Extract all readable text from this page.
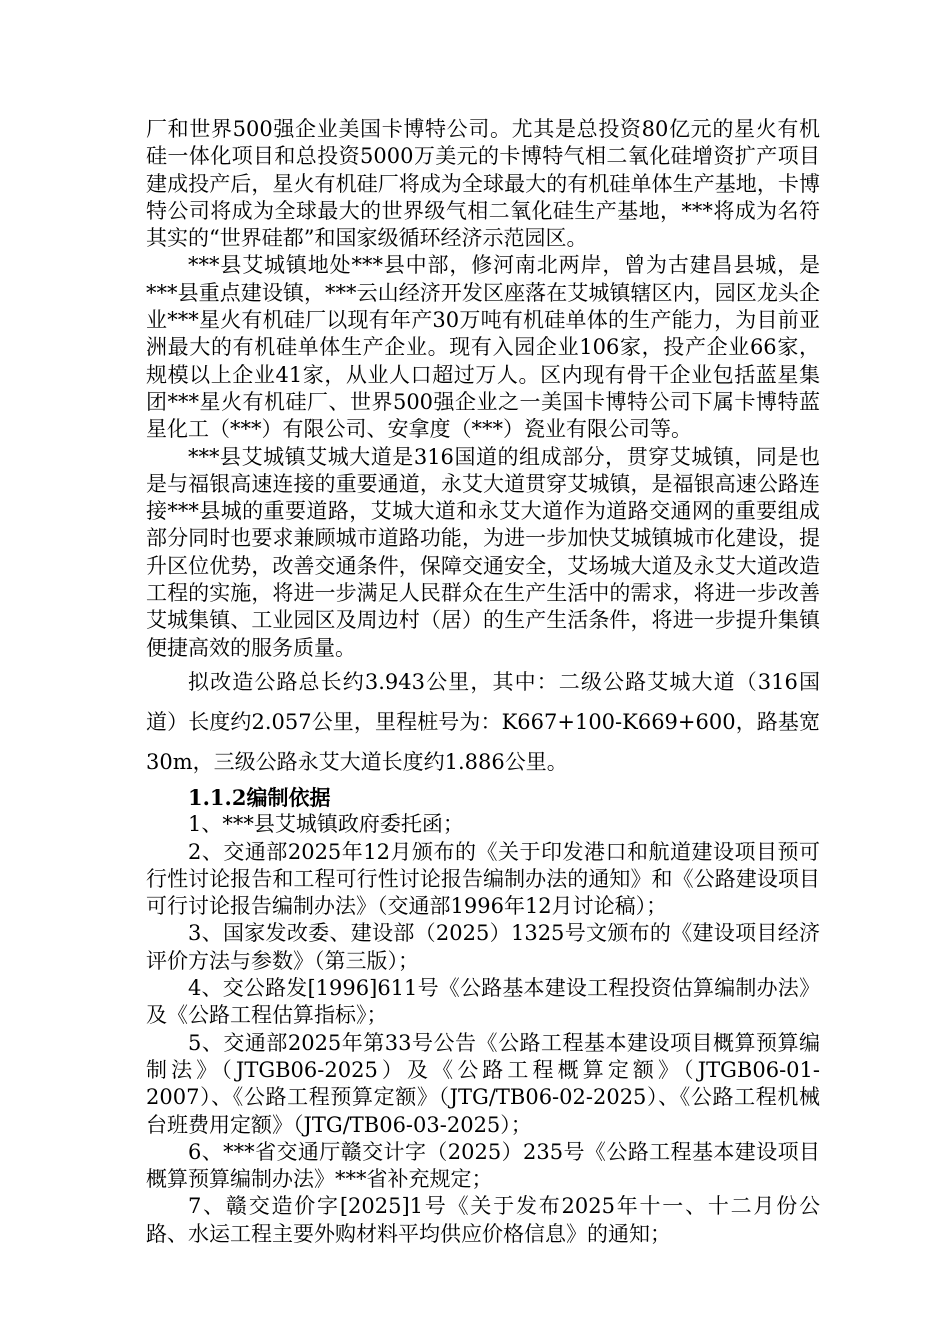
厂和世界500强企业美国卡博特公司。尤其是总投资80亿元的星火有机硅一体化项目和总投资5000万美元的卡博特气相二氧化硅增资扩产项目建成投产后，星火有机硅厂将成为全球最大的有机硅单体生产基地，卡博特公司将成为全球最大的世界级气相二氧化硅生产基地，***将成为名符其实的“世界硅都”和国家级循环经济示范园区。

***县艾城镇地处***县中部，修河南北两岸，曾为古建昌县城，是***县重点建设镇，***云山经济开发区座落在艾城镇辖区内，园区龙头企业***星火有机硅厂以现有年产30万吨有机硅单体的生产能力，为目前亚洲最大的有机硅单体生产企业。现有入园企业106家，投产企业66家，规模以上企业41家，从业人口超过万人。区内现有骨干企业包括蓝星集团***星火有机硅厂、世界500强企业之一美国卡博特公司下属卡博特蓝星化工（***）有限公司、安拿度（***）瓷业有限公司等。

***县艾城镇艾城大道是316国道的组成部分，贯穿艾城镇，同是也是与福银高速连接的重要通道，永艾大道贯穿艾城镇，是福银高速公路连接***县城的重要道路，艾城大道和永艾大道作为道路交通网的重要组成部分同时也要求兼顾城市道路功能，为进一步加快艾城镇城市化建设，提升区位优势，改善交通条件，保障交通安全，艾场城大道及永艾大道改造工程的实施，将进一步满足人民群众在生产生活中的需求，将进一步改善艾城集镇、工业园区及周边村（居）的生产生活条件，将进一步提升集镇便捷高效的服务质量。

拟改造公路总长约3.943公里，其中：二级公路艾城大道（316国道）长度约2.057公里，里程桩号为：K667+100-K669+600，路基宽30m，三级公路永艾大道长度约1.886公里。

1.1.2编制依据

1、***县艾城镇政府委托函；

2、交通部2025年12月颁布的《关于印发港口和航道建设项目预可行性讨论报告和工程可行性讨论报告编制办法的通知》和《公路建设项目可行讨论报告编制办法》（交通部1996年12月讨论稿）；

3、国家发改委、建设部（2025）1325号文颁布的《建设项目经济评价方法与参数》（第三版）；

4、交公路发[1996]611号《公路基本建设工程投资估算编制办法》及《公路工程估算指标》；

5、交通部2025年第33号公告《公路工程基本建设项目概算预算编制法》（JTGB06-2025）及《公路工程概算定额》（JTGB06-01-2007）、《公路工程预算定额》（JTG/TB06-02-2025）、《公路工程机械台班费用定额》（JTG/TB06-03-2025）；

6、***省交通厅赣交计字（2025）235号《公路工程基本建设项目概算预算编制办法》***省补充规定；

7、赣交造价字[2025]1号《关于发布2025年十一、十二月份公路、水运工程主要外购材料平均供应价格信息》的通知；
